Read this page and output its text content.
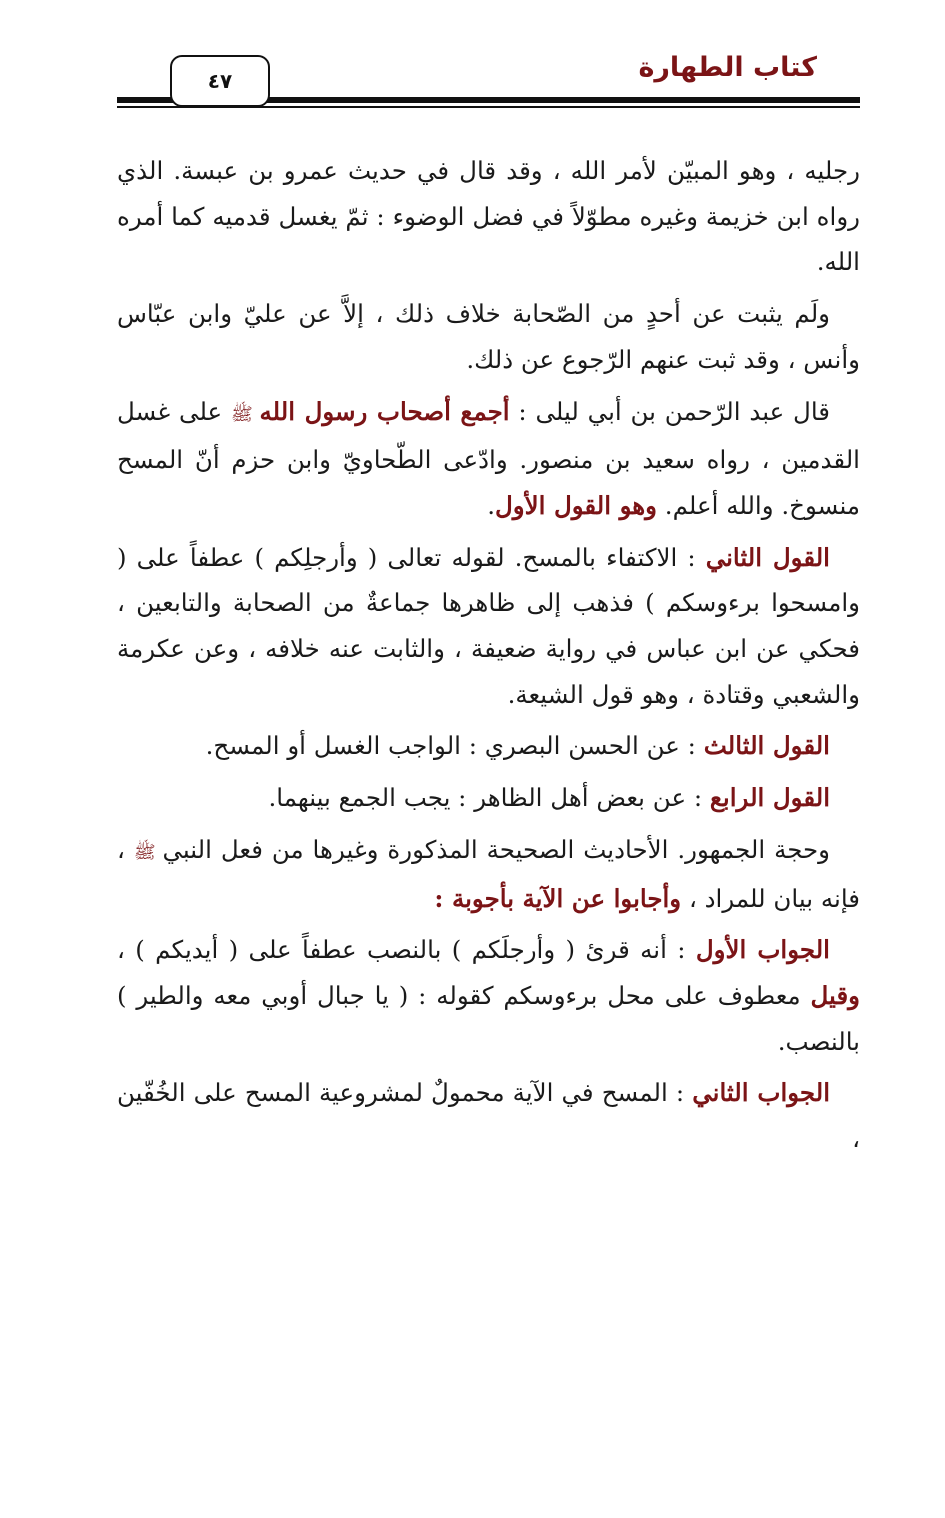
كتاب الطهارة
٤٧

رجليه ، وهو المبيّن لأمر الله ، وقد قال في حديث عمرو بن عبسة. الذي رواه ابن خزيمة وغيره مطوّلاً في فضل الوضوء : ثمّ يغسل قدميه كما أمره الله.

ولَم يثبت عن أحدٍ من الصّحابة خلاف ذلك ، إلاَّ عن عليّ وابن عبّاس وأنس ، وقد ثبت عنهم الرّجوع عن ذلك.

قال عبد الرّحمن بن أبي ليلى : أجمع أصحاب رسول الله ﷺ على غسل القدمين ، رواه سعيد بن منصور. وادّعى الطّحاويّ وابن حزم أنّ المسح منسوخ. والله أعلم. وهو القول الأول.

القول الثاني : الاكتفاء بالمسح. لقوله تعالى ( وأرجلِكم ) عطفاً على ( وامسحوا برءوسكم ) فذهب إلى ظاهرها جماعةٌ من الصحابة والتابعين ، فحكي عن ابن عباس في رواية ضعيفة ، والثابت عنه خلافه ، وعن عكرمة والشعبي وقتادة ، وهو قول الشيعة.

القول الثالث : عن الحسن البصري : الواجب الغسل أو المسح.

القول الرابع : عن بعض أهل الظاهر : يجب الجمع بينهما.

وحجة الجمهور. الأحاديث الصحيحة المذكورة وغيرها من فعل النبي ﷺ ، فإنه بيان للمراد ، وأجابوا عن الآية بأجوبة :

الجواب الأول : أنه قرئ ( وأرجلَكم ) بالنصب عطفاً على ( أيديكم ) ، وقيل معطوف على محل برءوسكم كقوله : ( يا جبال أوبي معه والطير ) بالنصب.

الجواب الثاني : المسح في الآية محمولٌ لمشروعية المسح على الخُفّين ،
